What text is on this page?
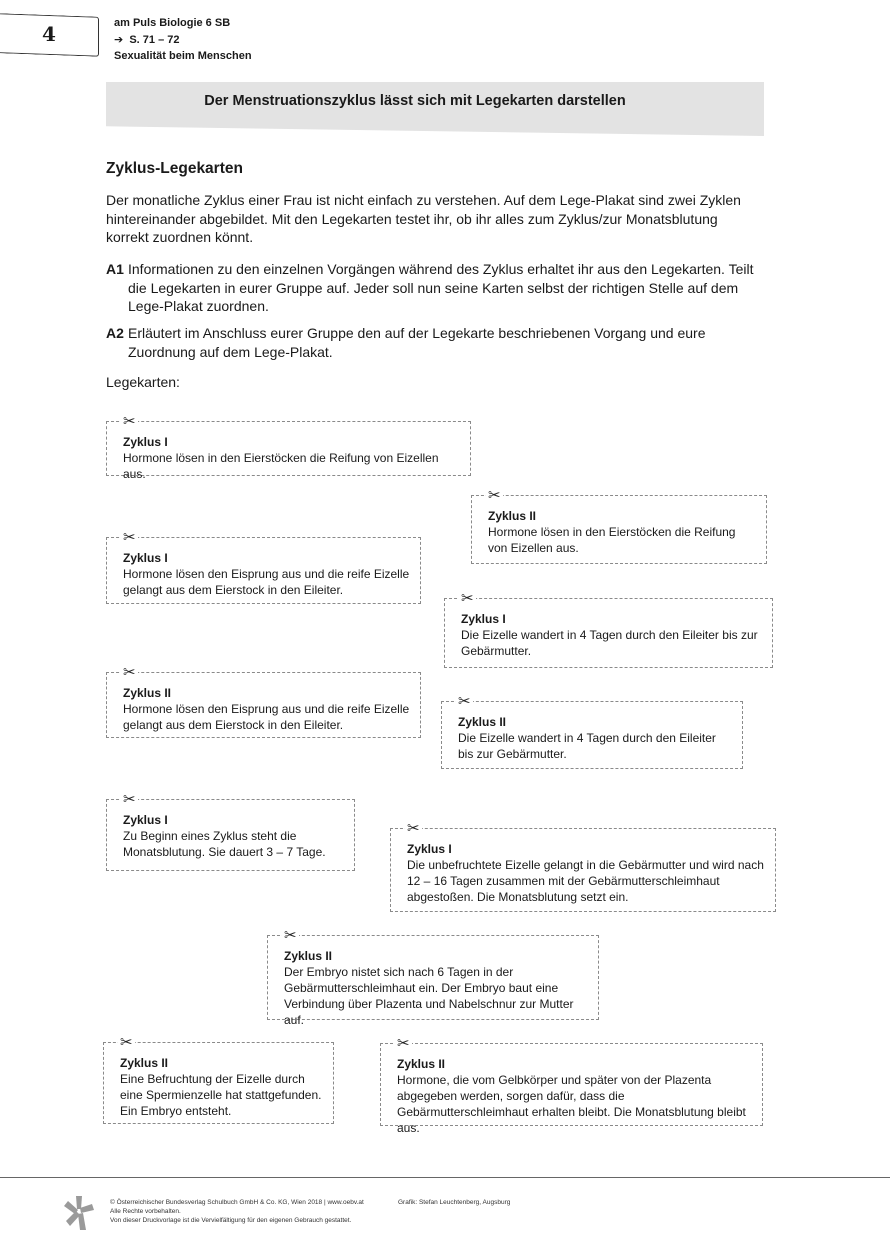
4	am Puls Biologie 6 SB
➔ S. 71 – 72
Sexualität beim Menschen
Der Menstruationszyklus lässt sich mit Legekarten darstellen
Zyklus-Legekarten
Der monatliche Zyklus einer Frau ist nicht einfach zu verstehen. Auf dem Lege-Plakat sind zwei Zyklen hintereinander abgebildet. Mit den Legekarten testet ihr, ob ihr alles zum Zyklus/zur Monatsblutung korrekt zuordnen könnt.
A1 Informationen zu den einzelnen Vorgängen während des Zyklus erhaltet ihr aus den Legekarten. Teilt die Legekarten in eurer Gruppe auf. Jeder soll nun seine Karten selbst der richtigen Stelle auf dem Lege-Plakat zuordnen.
A2 Erläutert im Anschluss eurer Gruppe den auf der Legekarte beschriebenen Vorgang und eure Zuordnung auf dem Lege-Plakat.
Legekarten:
✂
Zyklus I
Hormone lösen in den Eierstöcken die Reifung von Eizellen aus.
✂
Zyklus II
Hormone lösen in den Eierstöcken die Reifung von Eizellen aus.
✂
Zyklus I
Hormone lösen den Eisprung aus und die reife Eizelle gelangt aus dem Eierstock in den Eileiter.	✂
Zyklus I
Die Eizelle wandert in 4 Tagen durch den Eileiter bis zur Gebärmutter.
✂
Zyklus II
Hormone lösen den Eisprung aus und die reife Eizelle gelangt aus dem Eierstock in den Eileiter.
✂
Zyklus II
Die Eizelle wandert in 4 Tagen durch den Eileiter bis zur Gebärmutter.
✂
Zyklus I
Zu Beginn eines Zyklus steht die Monatsblutung. Sie dauert 3 – 7 Tage.
✂
Zyklus I
Die unbefruchtete Eizelle gelangt in die Gebärmutter und wird nach 12 – 16 Tagen zusammen mit der Gebärmutterschleimhaut abgestoßen. Die Monatsblutung setzt ein.
✂
Zyklus II
Der Embryo nistet sich nach 6 Tagen in der Gebärmutterschleimhaut ein. Der Embryo baut eine Verbindung über Plazenta und Nabelschnur zur Mutter auf.
✂
Zyklus II
Eine Befruchtung der Eizelle durch eine Spermienzelle hat stattgefunden. Ein Embryo entsteht.
✂
Zyklus II
Hormone, die vom Gelbkörper und später von der Plazenta abgegeben werden, sorgen dafür, dass die Gebärmutterschleimhaut erhalten bleibt. Die Monatsblutung bleibt aus.
© Österreichischer Bundesverlag Schulbuch GmbH & Co. KG, Wien 2018 | www.oebv.at	Grafik: Stefan Leuchtenberg, Augsburg
Alle Rechte vorbehalten.
Von dieser Druckvorlage ist die Vervielfältigung für den eigenen Gebrauch gestattet.
